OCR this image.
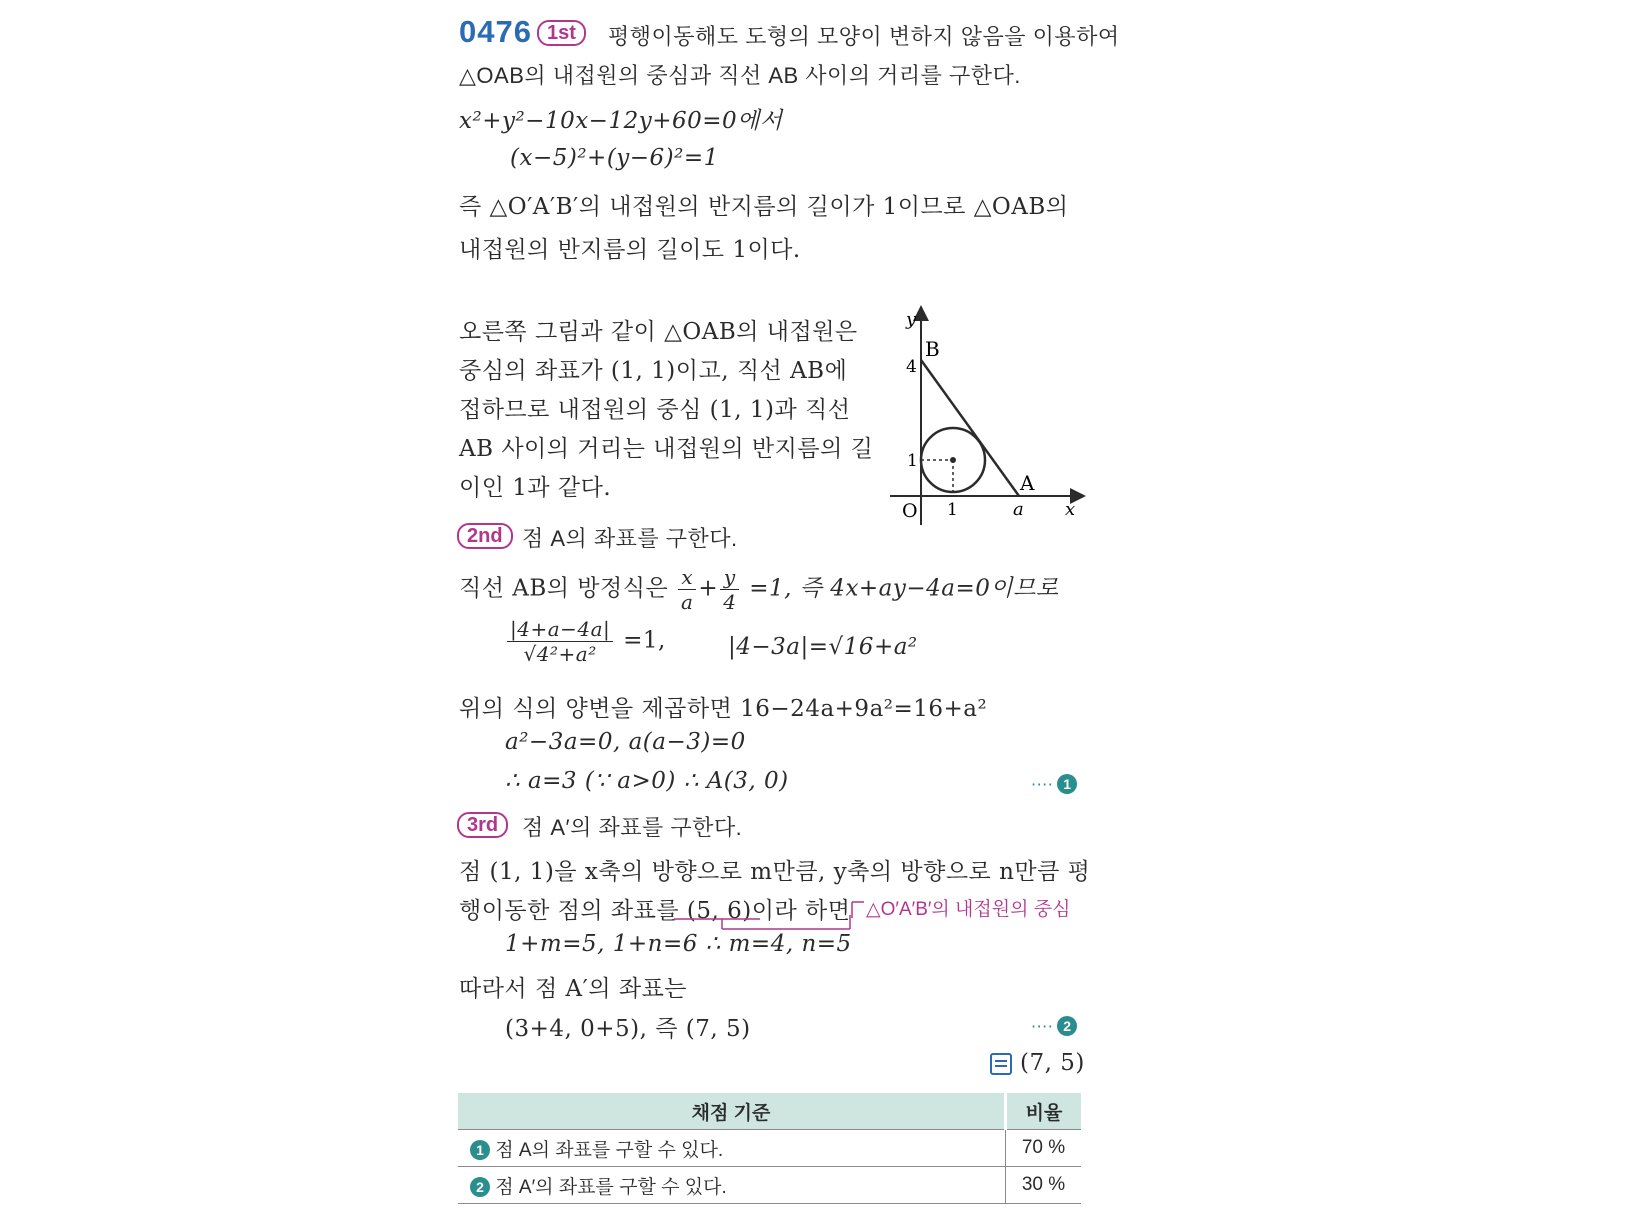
0476 1st	평행이동해도 도형의 모양이 변하지 않음을 이용하여
△OAB의 내접원의 중심과 직선 AB 사이의 거리를 구한다.
x²+y²−10x−12y+60=0에서
(x−5)²+(y−6)²=1
즉 △O′A′B′의 내접원의 반지름의 길이가 1이므로 △OAB의
내접원의 반지름의 길이도 1이다.
오른쪽 그림과 같이 △OAB의 내접원은
중심의 좌표가 (1, 1)이고, 직선 AB에
접하므로 내접원의 중심 (1, 1)과 직선
AB 사이의 거리는 내접원의 반지름의 길
이인 1과 같다.
y
B
4
1
A
O 1	a x
2nd 점 A의 좌표를 구한다.
직선 AB의 방정식은 $\frac{x}{a} + \frac{y}{4} =1$, 즉 4x+ay−4a=0이므로
$\frac{|4+a-4a|}{\text{√4²+a²}} =1$,	|4−3a|=√16+a²
위의 식의 양변을 제곱하면 16−24a+9a²=16+a²
a²−3a=0, a(a−3)=0
∴ a=3 (∵ a>0) ∴ A(3, 0)	···· 1
3rd	점 A′의 좌표를 구한다.
점 (1, 1)을 x축의 방향으로 m만큼, y축의 방향으로 n만큼 평
행이동한 점의 좌표를 (5, 6)이라 하면 △O′A′B′의 내접원의 중심
1+m=5, 1+n=6 ∴ m=4, n=5
따라서 점 A′의 좌표는
(3+4, 0+5), 즉 (7, 5)	···· 2
(7, 5)
채점 기준	비율
1 점 A의 좌표를 구할 수 있다.	70 %
2 점 A′의 좌표를 구할 수 있다.	30 %
